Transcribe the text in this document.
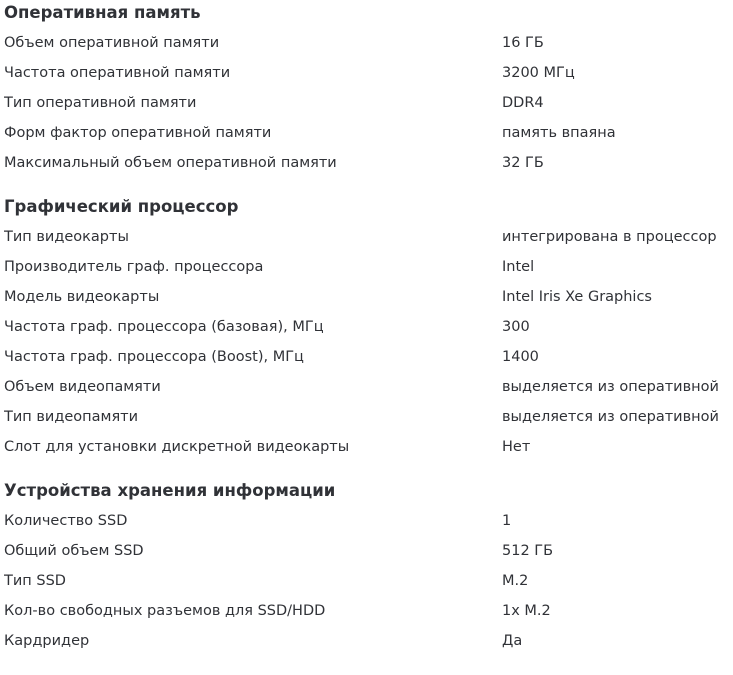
Оперативная память
Объем оперативной памяти	16 ГБ
Частота оперативной памяти	3200 МГц
Тип оперативной памяти	DDR4
Форм фактор оперативной памяти	память впаяна
Максимальный объем оперативной памяти	32 ГБ
Графический процессор
Тип видеокарты	интегрирована в процессор
Производитель граф. процессора	Intel
Модель видеокарты	Intel Iris Xe Graphics
Частота граф. процессора (базовая), МГц	300
Частота граф. процессора (Boost), МГц	1400
Объем видеопамяти	выделяется из оперативной
Тип видеопамяти	выделяется из оперативной
Слот для установки дискретной видеокарты	Нет
Устройства хранения информации
Количество SSD	1
Общий объем SSD	512 ГБ
Тип SSD	M.2
Кол-во свободных разъемов для SSD/HDD	1x M.2
Кардридер	Да
